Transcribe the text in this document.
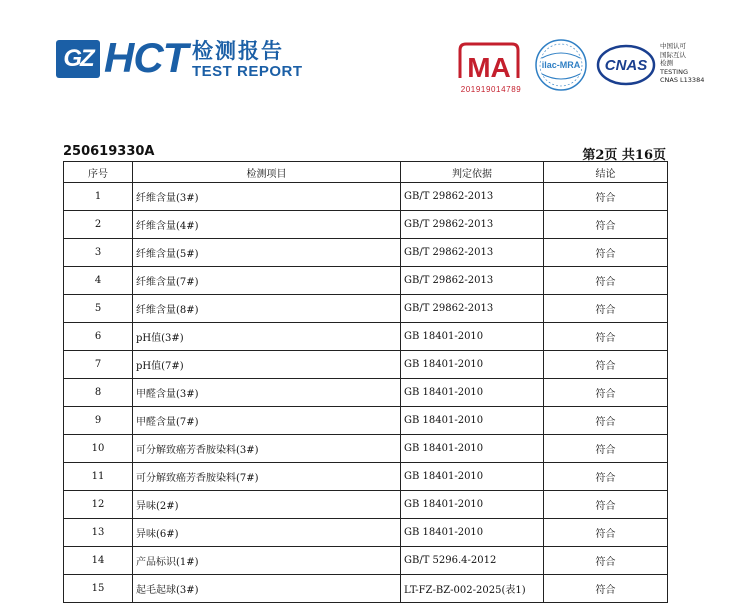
GZ HCT 检测报告
TEST REPORT	MA
201919014789
ilac-MRA CNAS
中国认可
国际互认
检测
TESTING
CNAS L13384
250619330A	第2页 共16页
序号	检测项目	判定依据	结论
1	纤维含量(3#)	GB/T 29862-2013	符合
2	纤维含量(4#)	GB/T 29862-2013	符合
3	纤维含量(5#)	GB/T 29862-2013	符合
4	纤维含量(7#)	GB/T 29862-2013	符合
5	纤维含量(8#)	GB/T 29862-2013	符合
6	pH值(3#)	GB 18401-2010	符合
7	pH值(7#)	GB 18401-2010	符合
8	甲醛含量(3#)	GB 18401-2010	符合
9	甲醛含量(7#)	GB 18401-2010	符合
10	可分解致癌芳香胺染料(3#)	GB 18401-2010	符合
11	可分解致癌芳香胺染料(7#)	GB 18401-2010	符合
12	异味(2#)	GB 18401-2010	符合
13	异味(6#)	GB 18401-2010	符合
14	产品标识(1#)	GB/T 5296.4-2012	符合
15	起毛起球(3#)	LT-FZ-BZ-002-2025(表1)	符合
